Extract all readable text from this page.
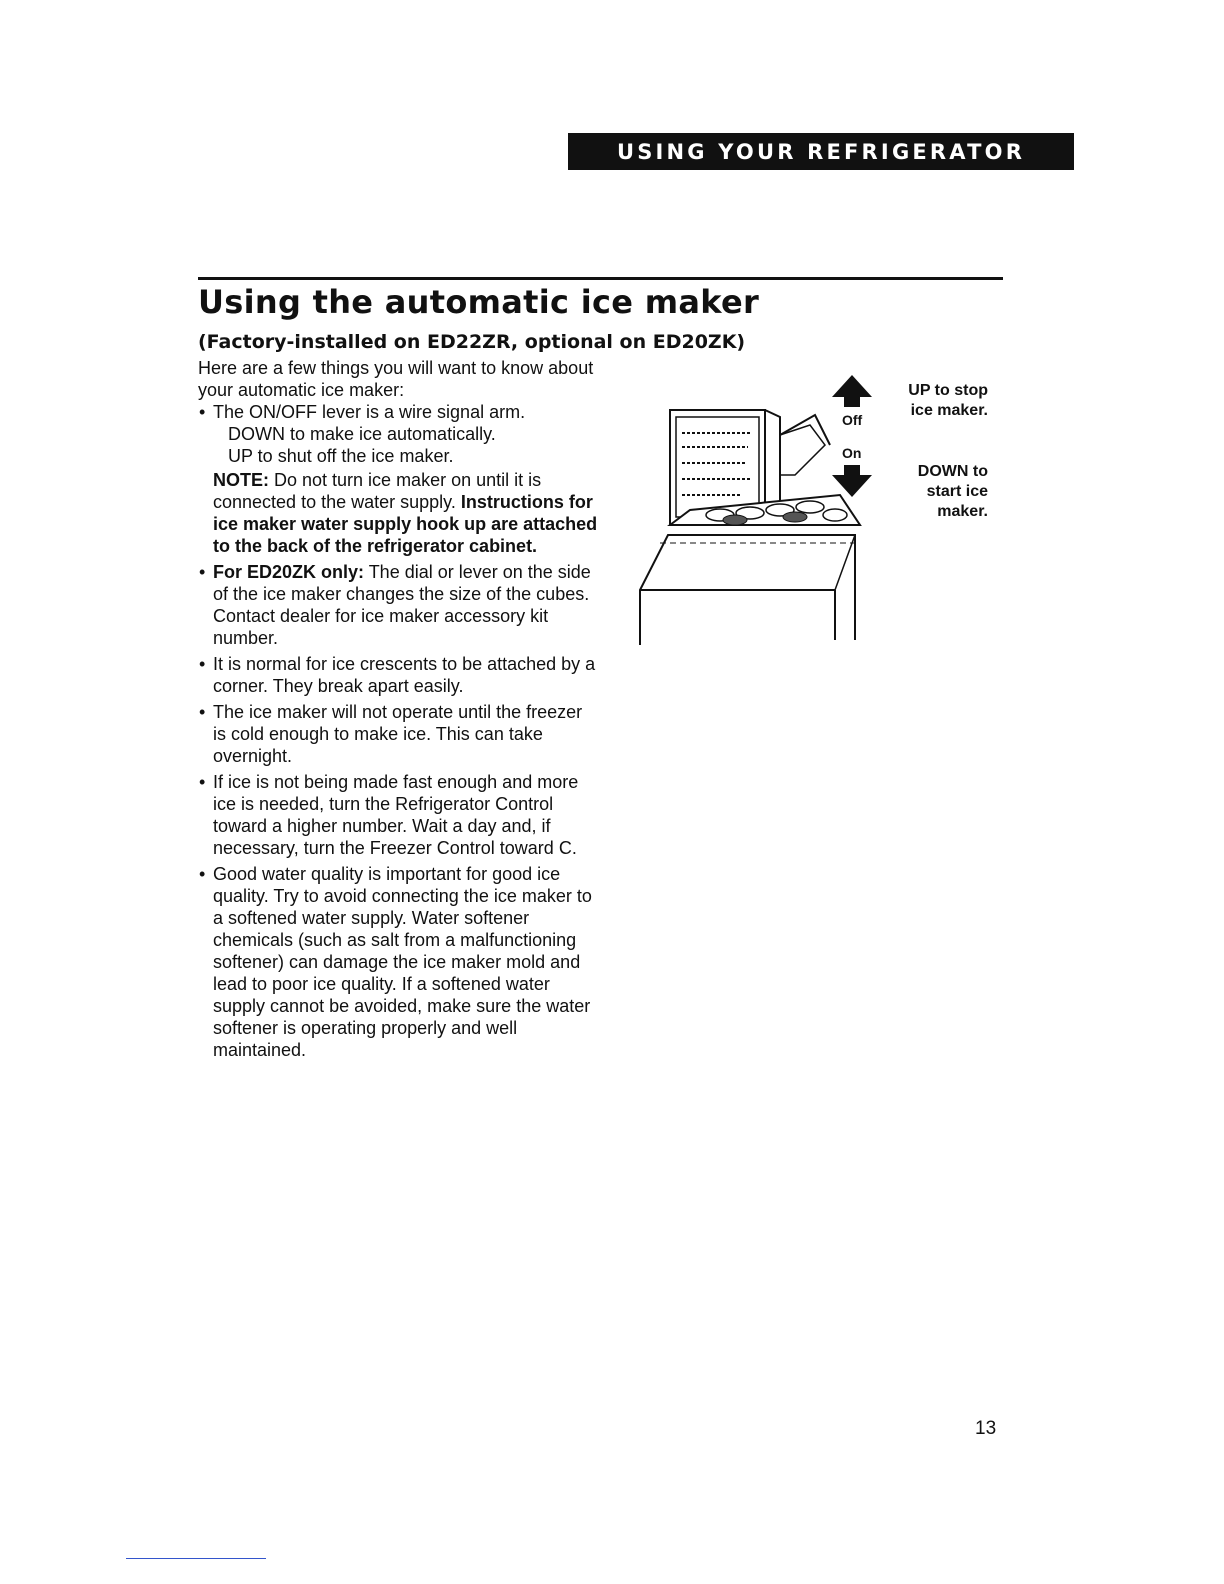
USING YOUR REFRIGERATOR
Using the automatic ice maker
(Factory-installed on ED22ZR, optional on ED20ZK)

Here are a few things you will want to know about your automatic ice maker:

• The ON/OFF lever is a wire signal arm.

DOWN to make ice automatically.

UP to shut off the ice maker.

NOTE: Do not turn ice maker on until it is connected to the water supply. Instructions for ice maker water supply hook up are attached to the back of the refrigerator cabinet.

• For ED20ZK only: The dial or lever on the side of the ice maker changes the size of the cubes. Contact dealer for ice maker accessory kit number.

• It is normal for ice crescents to be attached by a corner. They break apart easily.

• The ice maker will not operate until the freezer is cold enough to make ice. This can take overnight.

• If ice is not being made fast enough and more ice is needed, turn the Refrigerator Control toward a higher number. Wait a day and, if necessary, turn the Freezer Control toward C.

• Good water quality is important for good ice quality. Try to avoid connecting the ice maker to a softened water supply. Water softener chemicals (such as salt from a malfunctioning softener) can damage the ice maker mold and lead to poor ice quality. If a softened water supply cannot be avoided, make sure the water softener is operating properly and well maintained.

Off
On
UP to stop ice maker.
DOWN to start ice maker.
13
